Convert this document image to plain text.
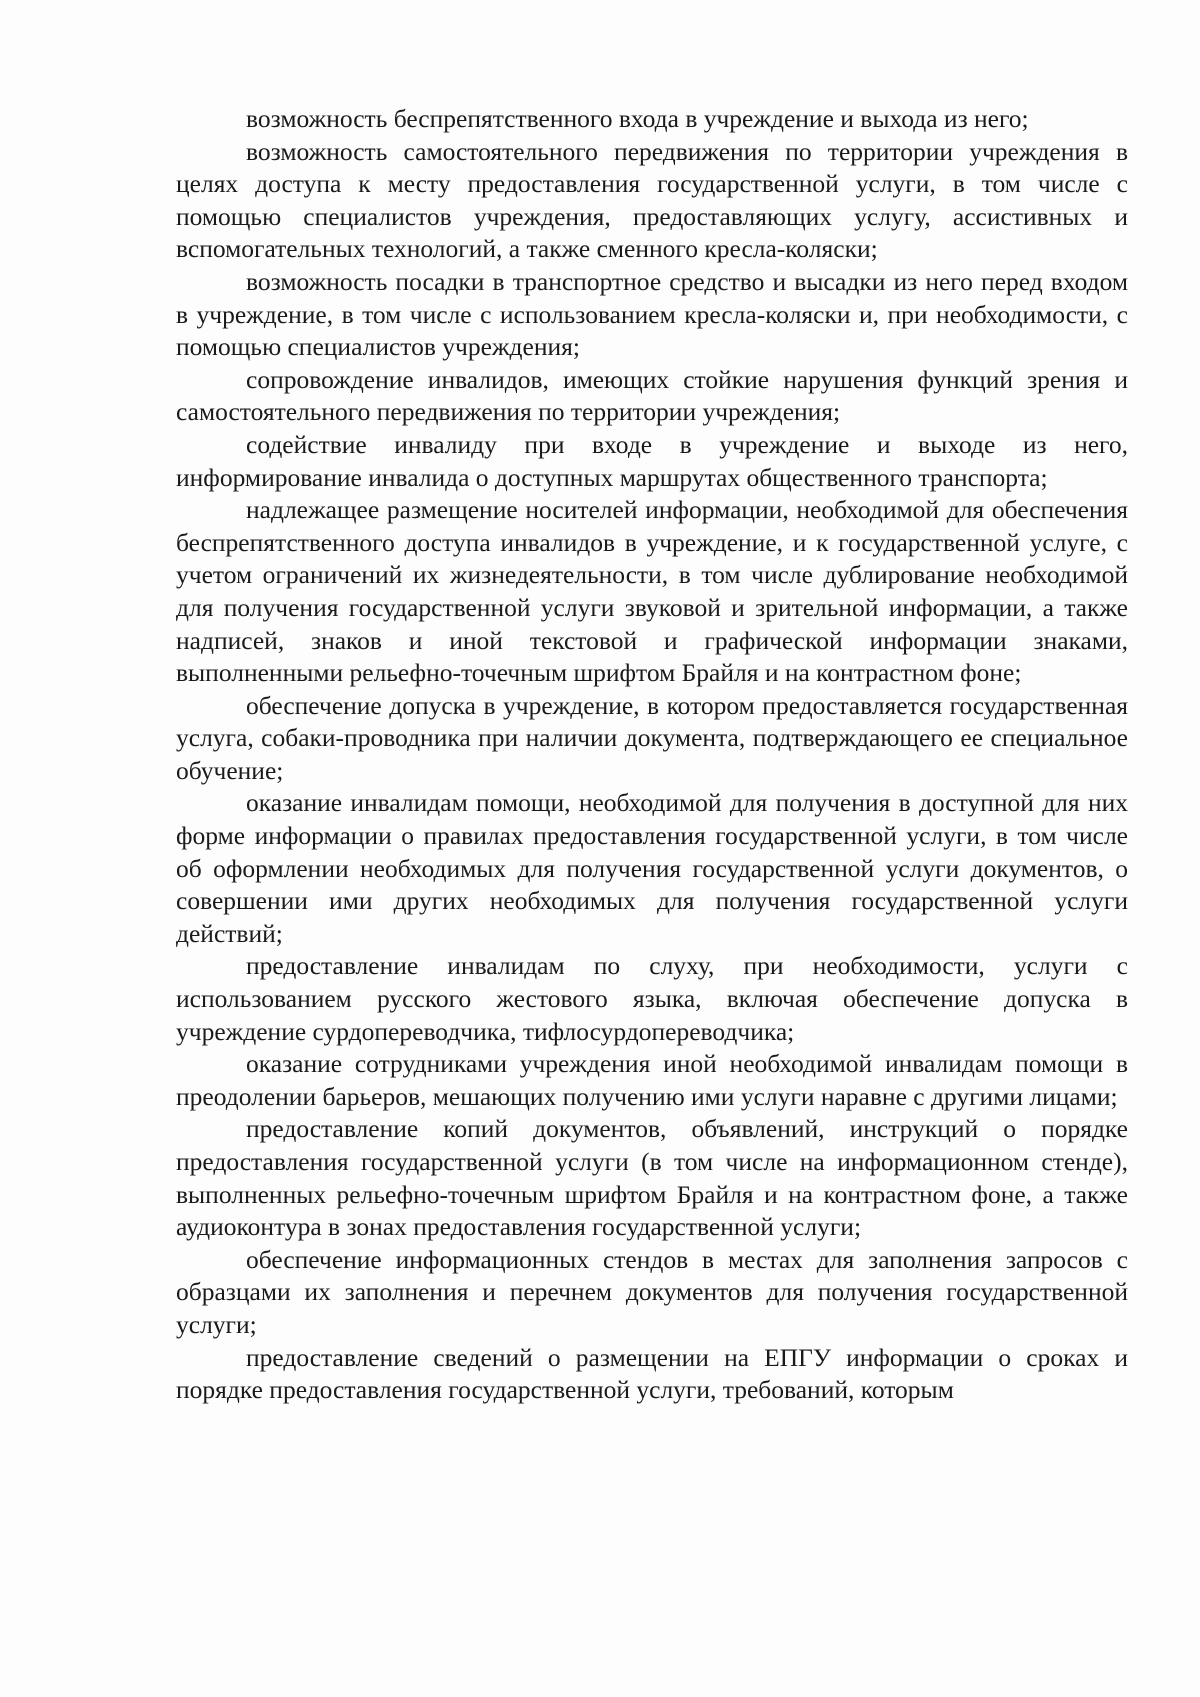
возможность беспрепятственного входа в учреждение и выхода из него;

возможность самостоятельного передвижения по территории учреждения в целях доступа к месту предоставления государственной услуги, в том числе с помощью специалистов учреждения, предоставляющих услугу, ассистивных и вспомогательных технологий, а также сменного кресла-коляски;

возможность посадки в транспортное средство и высадки из него перед входом в учреждение, в том числе с использованием кресла-коляски и, при необходимости, с помощью специалистов учреждения;

сопровождение инвалидов, имеющих стойкие нарушения функций зрения и самостоятельного передвижения по территории учреждения;

содействие инвалиду при входе в учреждение и выходе из него, информирование инвалида о доступных маршрутах общественного транспорта;

надлежащее размещение носителей информации, необходимой для обеспечения беспрепятственного доступа инвалидов в учреждение, и к государственной услуге, с учетом ограничений их жизнедеятельности, в том числе дублирование необходимой для получения государственной услуги звуковой и зрительной информации, а также надписей, знаков и иной текстовой и графической информации знаками, выполненными рельефно-точечным шрифтом Брайля и на контрастном фоне;

обеспечение допуска в учреждение, в котором предоставляется государственная услуга, собаки-проводника при наличии документа, подтверждающего ее специальное обучение;

оказание инвалидам помощи, необходимой для получения в доступной для них форме информации о правилах предоставления государственной услуги, в том числе об оформлении необходимых для получения государственной услуги документов, о совершении ими других необходимых для получения государственной услуги действий;

предоставление инвалидам по слуху, при необходимости, услуги с использованием русского жестового языка, включая обеспечение допуска в учреждение сурдопереводчика, тифлосурдопереводчика;

оказание сотрудниками учреждения иной необходимой инвалидам помощи в преодолении барьеров, мешающих получению ими услуги наравне с другими лицами;

предоставление копий документов, объявлений, инструкций о порядке предоставления государственной услуги (в том числе на информационном стенде), выполненных рельефно-точечным шрифтом Брайля и на контрастном фоне, а также аудиоконтура в зонах предоставления государственной услуги;

обеспечение информационных стендов в местах для заполнения запросов с образцами их заполнения и перечнем документов для получения государственной услуги;

предоставление сведений о размещении на ЕПГУ информации о сроках и порядке предоставления государственной услуги, требований, которым
